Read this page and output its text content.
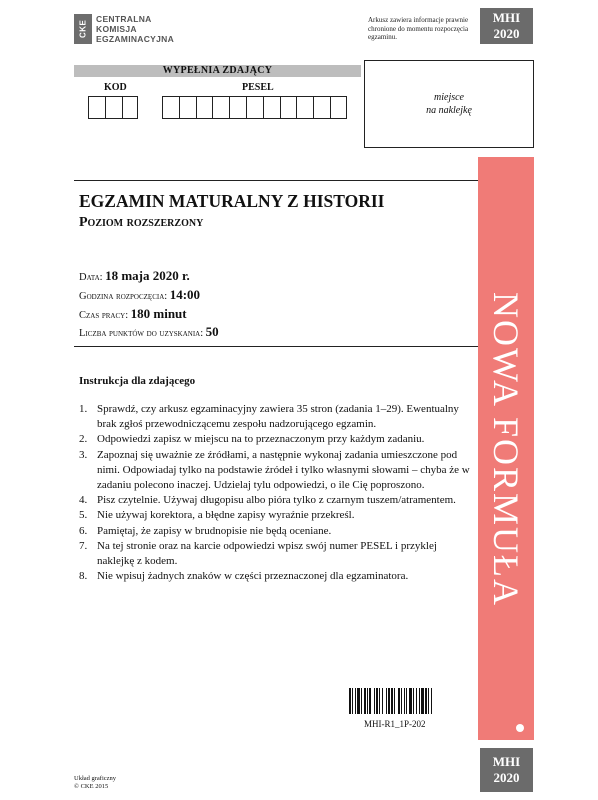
CKE
CENTRALNA
KOMISJA
EGZAMINACYJNA
Arkusz zawiera informacje prawnie chronione do momentu rozpoczęcia egzaminu.
MHI
2020
WYPEŁNIA ZDAJĄCY
KOD	PESEL
miejsce
na naklejkę
NOWA FORMUŁA
EGZAMIN MATURALNY Z HISTORII
Poziom rozszerzony
Data: 18 maja 2020 r.
Godzina rozpoczęcia: 14:00
Czas pracy: 180 minut
Liczba punktów do uzyskania: 50
Instrukcja dla zdającego
1. Sprawdź, czy arkusz egzaminacyjny zawiera 35 stron (zadania 1–29). Ewentualny brak zgłoś przewodniczącemu zespołu nadzorującego egzamin.
2. Odpowiedzi zapisz w miejscu na to przeznaczonym przy każdym zadaniu.
3. Zapoznaj się uważnie ze źródłami, a następnie wykonaj zadania umieszczone pod nimi. Odpowiadaj tylko na podstawie źródeł i tylko własnymi słowami – chyba że w zadaniu polecono inaczej. Udzielaj tylu odpowiedzi, o ile Cię poproszono.
4. Pisz czytelnie. Używaj długopisu albo pióra tylko z czarnym tuszem/atramentem.
5. Nie używaj korektora, a błędne zapisy wyraźnie przekreśl.
6. Pamiętaj, że zapisy w brudnopisie nie będą oceniane.
7. Na tej stronie oraz na karcie odpowiedzi wpisz swój numer PESEL i przyklej naklejkę z kodem.
8. Nie wpisuj żadnych znaków w części przeznaczonej dla egzaminatora.
MHI-R1_1P-202
MHI
2020
Układ graficzny
© CKE 2015
